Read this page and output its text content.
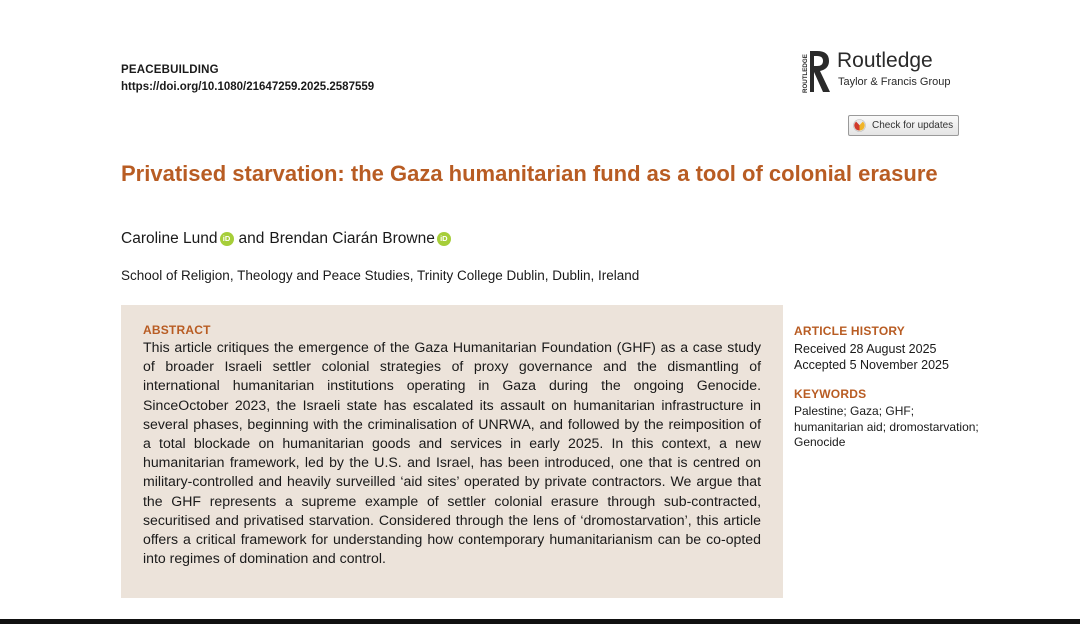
PEACEBUILDING
https://doi.org/10.1080/21647259.2025.2587559	ROUTLEDGE Routledge
Taylor & Francis Group
Check for updates
Privatised starvation: the Gaza humanitarian fund as a tool of colonial erasure
Caroline Lund iD and Brendan Ciarán Browne iD
School of Religion, Theology and Peace Studies, Trinity College Dublin, Dublin, Ireland
ABSTRACT
This article critiques the emergence of the Gaza Humanitarian Foundation (GHF) as a case study of broader Israeli settler colonial strategies of proxy governance and the dismantling of international humanitarian institutions operating in Gaza during the ongoing Genocide. SinceOctober 2023, the Israeli state has escalated its assault on humanitarian infrastructure in several phases, beginning with the criminalisation of UNRWA, and followed by the reimposition of a total blockade on humanitarian goods and services in early 2025. In this context, a new humanitarian framework, led by the U.S. and Israel, has been introduced, one that is centred on military-controlled and heavily surveilled ‘aid sites’ operated by private contractors. We argue that the GHF represents a supreme example of settler colonial erasure through sub-contracted, securitised and privatised starvation. Considered through the lens of ‘dromostarvation’, this article offers a critical framework for understanding how contemporary humanitarianism can be co-opted into regimes of domination and control.
ARTICLE HISTORY
Received 28 August 2025
Accepted 5 November 2025
KEYWORDS
Palestine; Gaza; GHF; humanitarian aid; dromostarvation; Genocide
